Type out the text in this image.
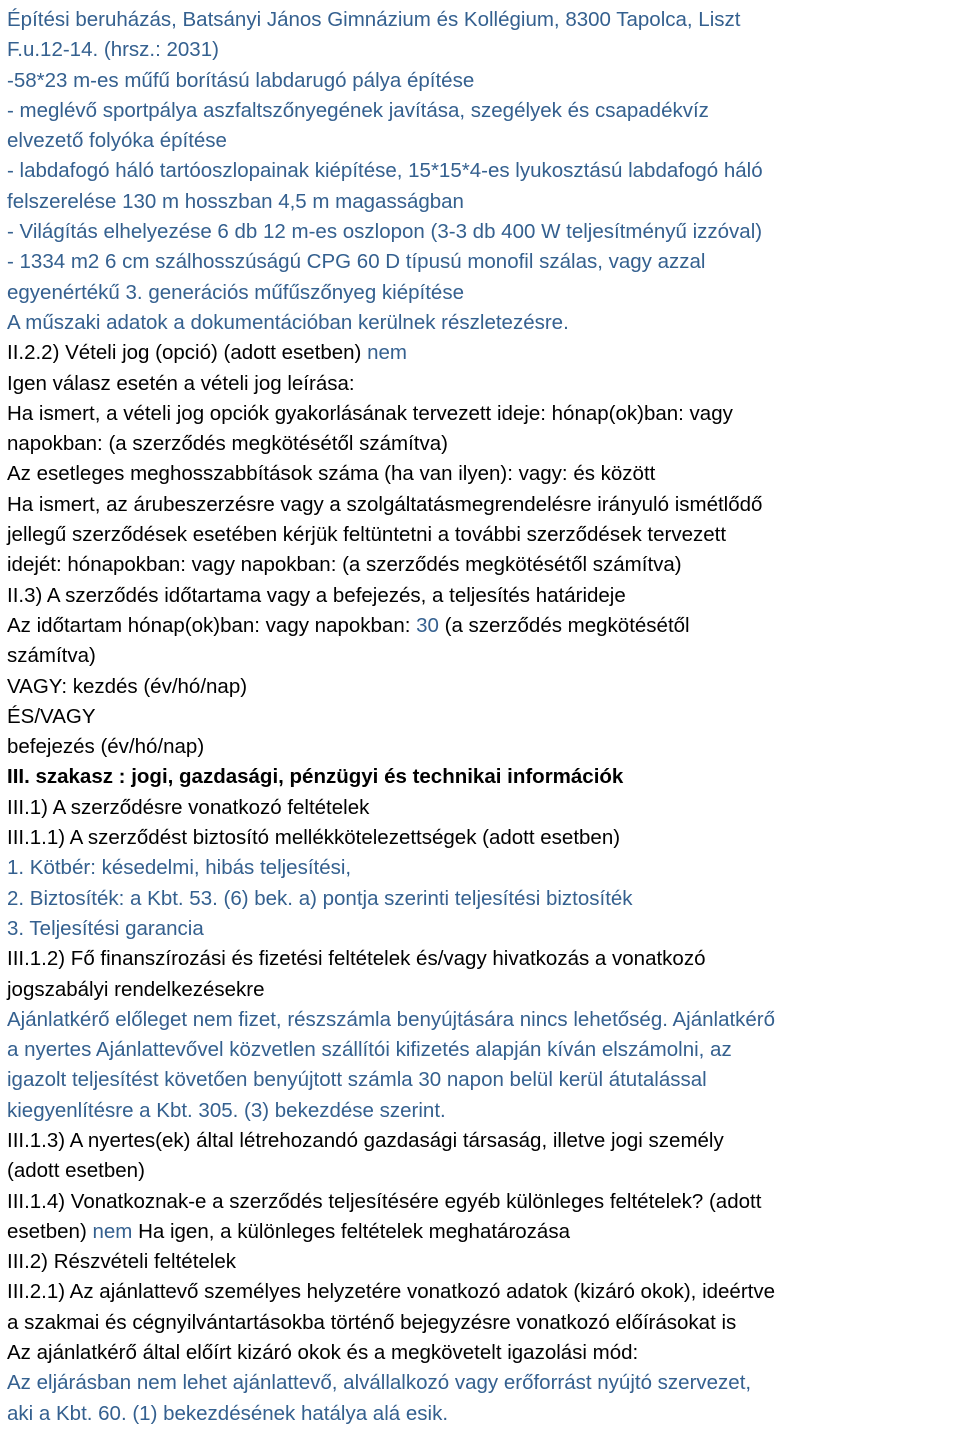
Építési beruházás, Batsányi János Gimnázium és Kollégium, 8300 Tapolca, Liszt
F.u.12-14. (hrsz.: 2031)
-58*23 m-es műfű borítású labdarugó pálya építése
- meglévő sportpálya aszfaltszőnyegének javítása, szegélyek és csapadékvíz
elvezető folyóka építése
- labdafogó háló tartóoszlopainak kiépítése, 15*15*4-es lyukosztású labdafogó háló
felszerelése 130 m hosszban 4,5 m magasságban
- Világítás elhelyezése 6 db 12 m-es oszlopon (3-3 db 400 W teljesítményű izzóval)
- 1334 m2 6 cm szálhosszúságú CPG 60 D típusú monofil szálas, vagy azzal
egyenértékű 3. generációs műfűszőnyeg kiépítése
A műszaki adatok a dokumentációban kerülnek részletezésre.
II.2.2) Vételi jog (opció) (adott esetben) nem
Igen válasz esetén a vételi jog leírása:
Ha ismert, a vételi jog opciók gyakorlásának tervezett ideje: hónap(ok)ban: vagy
napokban: (a szerződés megkötésétől számítva)
Az esetleges meghosszabbítások száma (ha van ilyen): vagy: és között
Ha ismert, az árubeszerzésre vagy a szolgáltatásmegrendelésre irányuló ismétlődő
jellegű szerződések esetében kérjük feltüntetni a további szerződések tervezett
idejét: hónapokban: vagy napokban: (a szerződés megkötésétől számítva)
II.3) A szerződés időtartama vagy a befejezés, a teljesítés határideje
Az időtartam hónap(ok)ban: vagy napokban: 30 (a szerződés megkötésétől
számítva)
VAGY: kezdés (év/hó/nap)
ÉS/VAGY
befejezés (év/hó/nap)
III. szakasz : jogi, gazdasági, pénzügyi és technikai információk
III.1) A szerződésre vonatkozó feltételek
III.1.1) A szerződést biztosító mellékkötelezettségek (adott esetben)
1. Kötbér: késedelmi, hibás teljesítési,
2. Biztosíték: a Kbt. 53. (6) bek. a) pontja szerinti teljesítési biztosíték
3. Teljesítési garancia
III.1.2) Fő finanszírozási és fizetési feltételek és/vagy hivatkozás a vonatkozó
jogszabályi rendelkezésekre
Ajánlatkérő előleget nem fizet, részszámla benyújtására nincs lehetőség. Ajánlatkérő
a nyertes Ajánlattevővel közvetlen szállítói kifizetés alapján kíván elszámolni, az
igazolt teljesítést követően benyújtott számla 30 napon belül kerül átutalással
kiegyenlítésre a Kbt. 305. (3) bekezdése szerint.
III.1.3) A nyertes(ek) által létrehozandó gazdasági társaság, illetve jogi személy
(adott esetben)
III.1.4) Vonatkoznak-e a szerződés teljesítésére egyéb különleges feltételek? (adott
esetben) nem Ha igen, a különleges feltételek meghatározása
III.2) Részvételi feltételek
III.2.1) Az ajánlattevő személyes helyzetére vonatkozó adatok (kizáró okok), ideértve
a szakmai és cégnyilvántartásokba történő bejegyzésre vonatkozó előírásokat is
Az ajánlatkérő által előírt kizáró okok és a megkövetelt igazolási mód:
Az eljárásban nem lehet ajánlattevő, alvállalkozó vagy erőforrást nyújtó szervezet,
aki a Kbt. 60. (1) bekezdésének hatálya alá esik.
